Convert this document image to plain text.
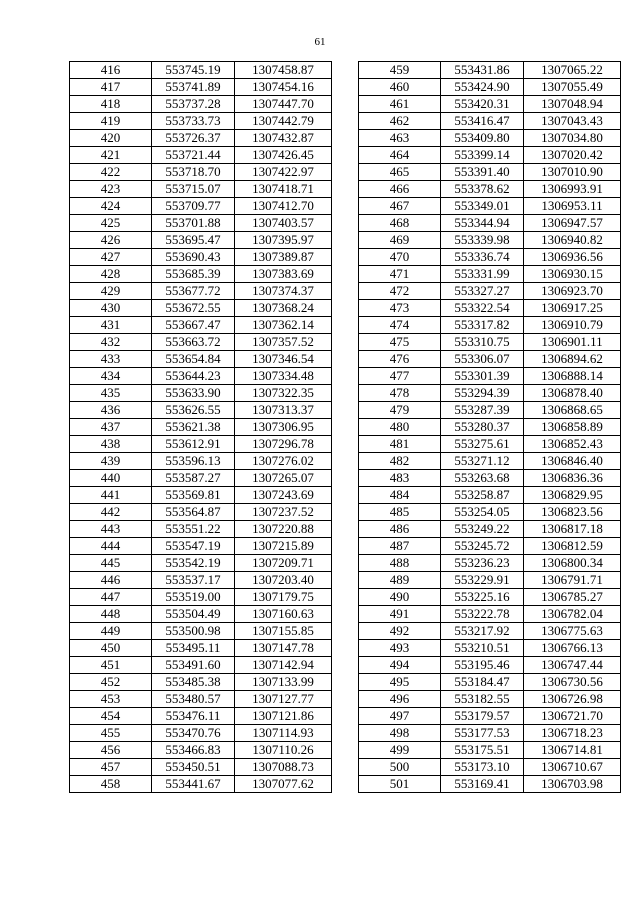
61
416	553745.19	1307458.87
417	553741.89	1307454.16
418	553737.28	1307447.70
419	553733.73	1307442.79
420	553726.37	1307432.87
421	553721.44	1307426.45
422	553718.70	1307422.97
423	553715.07	1307418.71
424	553709.77	1307412.70
425	553701.88	1307403.57
426	553695.47	1307395.97
427	553690.43	1307389.87
428	553685.39	1307383.69
429	553677.72	1307374.37
430	553672.55	1307368.24
431	553667.47	1307362.14
432	553663.72	1307357.52
433	553654.84	1307346.54
434	553644.23	1307334.48
435	553633.90	1307322.35
436	553626.55	1307313.37
437	553621.38	1307306.95
438	553612.91	1307296.78
439	553596.13	1307276.02
440	553587.27	1307265.07
441	553569.81	1307243.69
442	553564.87	1307237.52
443	553551.22	1307220.88
444	553547.19	1307215.89
445	553542.19	1307209.71
446	553537.17	1307203.40
447	553519.00	1307179.75
448	553504.49	1307160.63
449	553500.98	1307155.85
450	553495.11	1307147.78
451	553491.60	1307142.94
452	553485.38	1307133.99
453	553480.57	1307127.77
454	553476.11	1307121.86
455	553470.76	1307114.93
456	553466.83	1307110.26
457	553450.51	1307088.73
458	553441.67	1307077.62
459	553431.86	1307065.22
460	553424.90	1307055.49
461	553420.31	1307048.94
462	553416.47	1307043.43
463	553409.80	1307034.80
464	553399.14	1307020.42
465	553391.40	1307010.90
466	553378.62	1306993.91
467	553349.01	1306953.11
468	553344.94	1306947.57
469	553339.98	1306940.82
470	553336.74	1306936.56
471	553331.99	1306930.15
472	553327.27	1306923.70
473	553322.54	1306917.25
474	553317.82	1306910.79
475	553310.75	1306901.11
476	553306.07	1306894.62
477	553301.39	1306888.14
478	553294.39	1306878.40
479	553287.39	1306868.65
480	553280.37	1306858.89
481	553275.61	1306852.43
482	553271.12	1306846.40
483	553263.68	1306836.36
484	553258.87	1306829.95
485	553254.05	1306823.56
486	553249.22	1306817.18
487	553245.72	1306812.59
488	553236.23	1306800.34
489	553229.91	1306791.71
490	553225.16	1306785.27
491	553222.78	1306782.04
492	553217.92	1306775.63
493	553210.51	1306766.13
494	553195.46	1306747.44
495	553184.47	1306730.56
496	553182.55	1306726.98
497	553179.57	1306721.70
498	553177.53	1306718.23
499	553175.51	1306714.81
500	553173.10	1306710.67
501	553169.41	1306703.98
